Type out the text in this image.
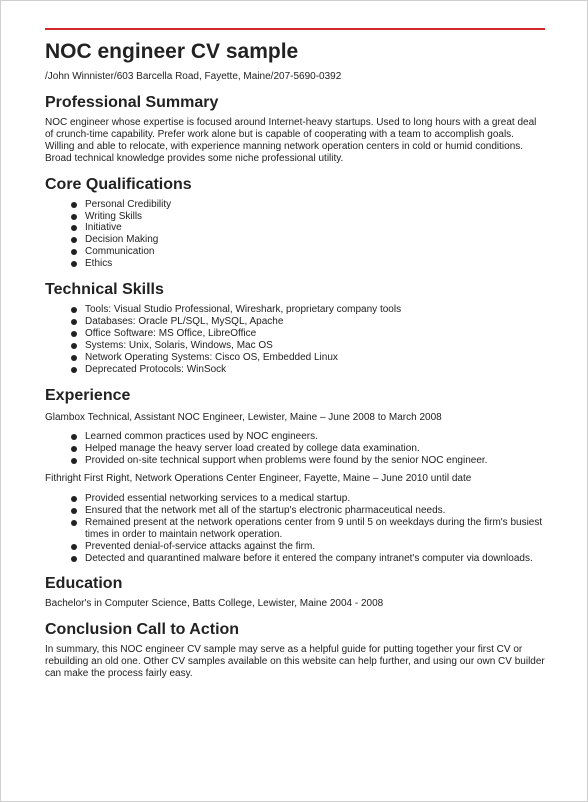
NOC engineer CV sample
/John Winnister/603 Barcella Road, Fayette, Maine/207-5690-0392
Professional Summary

NOC engineer whose expertise is focused around Internet-heavy startups. Used to long hours with a great deal of crunch-time capability. Prefer work alone but is capable of cooperating with a team to accomplish goals. Willing and able to relocate, with experience manning network operation centers in cold or humid conditions. Broad technical knowledge provides some niche professional utility.

Core Qualifications
Personal Credibility
Writing Skills
Initiative
Decision Making
Communication
Ethics
Technical Skills
Tools: Visual Studio Professional, Wireshark, proprietary company tools
Databases: Oracle PL/SQL, MySQL, Apache
Office Software: MS Office, LibreOffice
Systems: Unix, Solaris, Windows, Mac OS
Network Operating Systems: Cisco OS, Embedded Linux
Deprecated Protocols: WinSock
Experience
Glambox Technical, Assistant NOC Engineer, Lewister, Maine – June 2008 to March 2008
Learned common practices used by NOC engineers.
Helped manage the heavy server load created by college data examination.
Provided on-site technical support when problems were found by the senior NOC engineer.
Fithright First Right, Network Operations Center Engineer, Fayette, Maine – June 2010 until date
Provided essential networking services to a medical startup.
Ensured that the network met all of the startup's electronic pharmaceutical needs.
Remained present at the network operations center from 9 until 5 on weekdays during the firm's busiest times in order to maintain network operation.
Prevented denial-of-service attacks against the firm.
Detected and quarantined malware before it entered the company intranet's computer via downloads.
Education

Bachelor's in Computer Science, Batts College, Lewister, Maine 2004 - 2008

Conclusion Call to Action

In summary, this NOC engineer CV sample may serve as a helpful guide for putting together your first CV or rebuilding an old one. Other CV samples available on this website can help further, and using our own CV builder can make the process fairly easy.
